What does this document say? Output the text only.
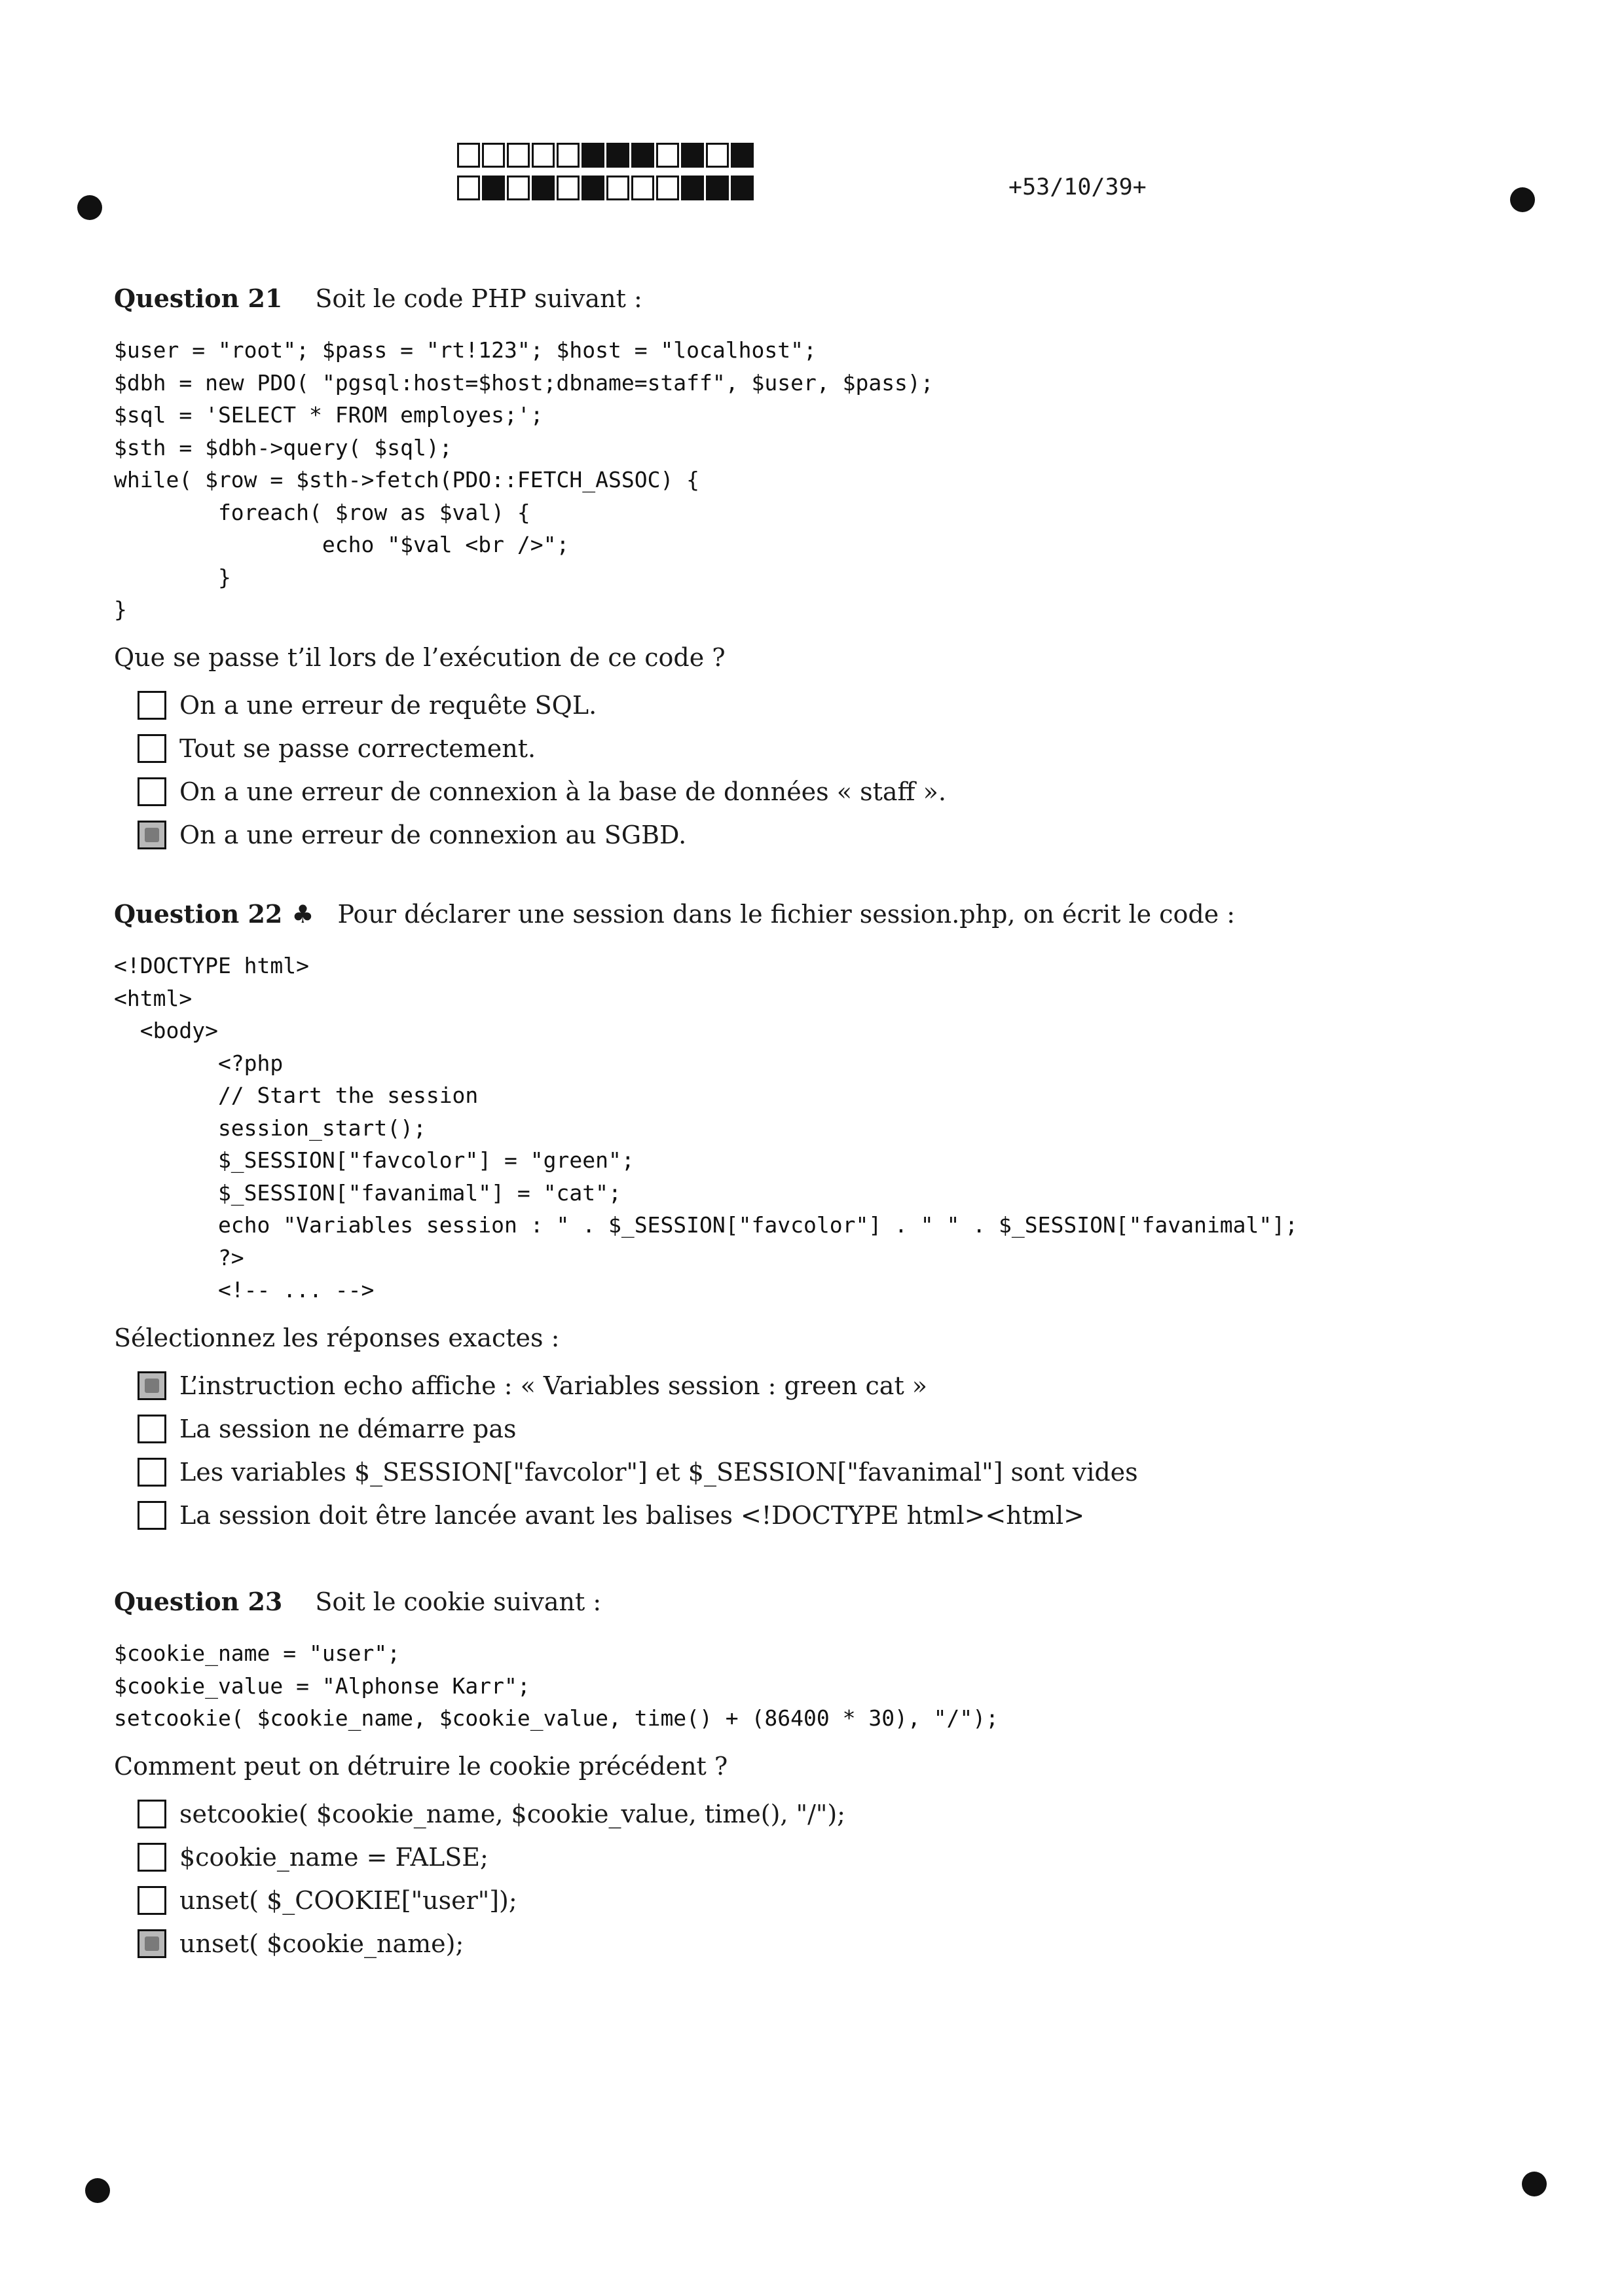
+53/10/39+
Question 21 Soit le code PHP suivant :
$user = "root"; $pass = "rt!123"; $host = "localhost";
$dbh = new PDO( "pgsql:host=$host;dbname=staff", $user, $pass);
$sql = 'SELECT * FROM employes;';
$sth = $dbh->query( $sql);
while( $row = $sth->fetch(PDO::FETCH_ASSOC) {
foreach( $row as $val) {
echo "$val <br />";
}
}
Que se passe t’il lors de l’exécution de ce code ?
On a une erreur de requête SQL.
Tout se passe correctement.
On a une erreur de connexion à la base de données « staff ».
On a une erreur de connexion au SGBD.
Question 22 ♣ Pour déclarer une session dans le fichier session.php, on écrit le code :
<!DOCTYPE html>
<html>
<body>
<?php
// Start the session
session_start();
$_SESSION["favcolor"] = "green";
$_SESSION["favanimal"] = "cat";
echo "Variables session : " . $_SESSION["favcolor"] . " " . $_SESSION["favanimal"];
?>
<!-- ... -->
Sélectionnez les réponses exactes :
L’instruction echo affiche : « Variables session : green cat »
La session ne démarre pas
Les variables $_SESSION["favcolor"] et $_SESSION["favanimal"] sont vides
La session doit être lancée avant les balises <!DOCTYPE html><html>
Question 23 Soit le cookie suivant :
$cookie_name = "user";
$cookie_value = "Alphonse Karr";
setcookie( $cookie_name, $cookie_value, time() + (86400 * 30), "/");
Comment peut on détruire le cookie précédent ?
setcookie( $cookie_name, $cookie_value, time(), "/");
$cookie_name = FALSE;
unset( $_COOKIE["user"]);
unset( $cookie_name);
